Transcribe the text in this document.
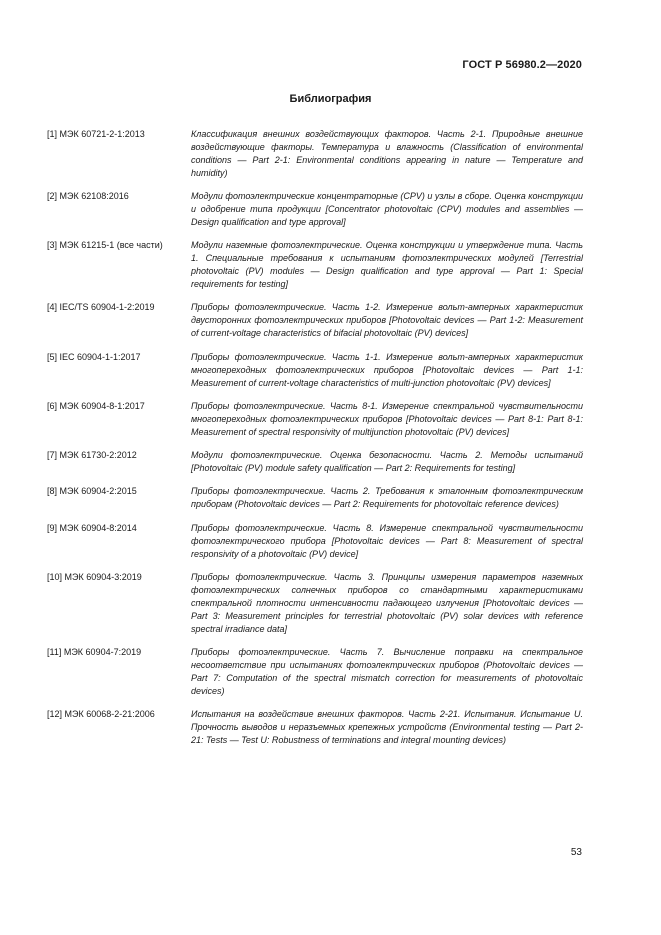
ГОСТ Р 56980.2—2020
Библиография
[1] МЭК 60721-2-1:2013	Классификация внешних воздействующих факторов. Часть 2-1. Природные внешние воздействующие факторы. Температура и влажность (Classification of environmental conditions — Part 2-1: Environmental conditions appearing in nature — Temperature and humidity)
[2] МЭК 62108:2016	Модули фотоэлектрические концентраторные (CPV) и узлы в сборе. Оценка конструкции и одобрение типа продукции [Concentrator photovoltaic (CPV) modules and assemblies — Design qualification and type approval]
[3] МЭК 61215-1 (все части)	Модули наземные фотоэлектрические. Оценка конструкции и утверждение типа. Часть 1. Специальные требования к испытаниям фотоэлектрических модулей [Terrestrial photovoltaic (PV) modules — Design qualification and type approval — Part 1: Special requirements for testing]
[4] IEC/TS 60904-1-2:2019	Приборы фотоэлектрические. Часть 1-2. Измерение вольт-амперных характеристик двусторонних фотоэлектрических приборов [Photovoltaic devices — Part 1-2: Measurement of current-voltage characteristics of bifacial photovoltaic (PV) devices]
[5] IEC 60904-1-1:2017	Приборы фотоэлектрические. Часть 1-1. Измерение вольт-амперных характеристик многопереходных фотоэлектрических приборов [Photovoltaic devices — Part 1-1: Measurement of current-voltage characteristics of multi-junction photovoltaic (PV) devices]
[6] МЭК 60904-8-1:2017	Приборы фотоэлектрические. Часть 8-1. Измерение спектральной чувствительности многопереходных фотоэлектрических приборов [Photovoltaic devices — Part 8-1: Part 8-1: Measurement of spectral responsivity of multijunction photovoltaic (PV) devices]
[7] МЭК 61730-2:2012	Модули фотоэлектрические. Оценка безопасности. Часть 2. Методы испытаний [Photovoltaic (PV) module safety qualification — Part 2: Requirements for testing]
[8] МЭК 60904-2:2015	Приборы фотоэлектрические. Часть 2. Требования к эталонным фотоэлектрическим приборам (Photovoltaic devices — Part 2: Requirements for photovoltaic reference devices)
[9] МЭК 60904-8:2014	Приборы фотоэлектрические. Часть 8. Измерение спектральной чувствительности фотоэлектрического прибора [Photovoltaic devices — Part 8: Measurement of spectral responsivity of a photovoltaic (PV) device]
[10] МЭК 60904-3:2019	Приборы фотоэлектрические. Часть 3. Принципы измерения параметров наземных фотоэлектрических солнечных приборов со стандартными характеристиками спектральной плотности интенсивности падающего излучения [Photovoltaic devices — Part 3: Measurement principles for terrestrial photovoltaic (PV) solar devices with reference spectral irradiance data]
[11] МЭК 60904-7:2019	Приборы фотоэлектрические. Часть 7. Вычисление поправки на спектральное несоответствие при испытаниях фотоэлектрических приборов (Photovoltaic devices — Part 7: Computation of the spectral mismatch correction for measurements of photovoltaic devices)
[12] МЭК 60068-2-21:2006	Испытания на воздействие внешних факторов. Часть 2-21. Испытания. Испытание U. Прочность выводов и неразъемных крепежных устройств (Environmental testing — Part 2-21: Tests — Test U: Robustness of terminations and integral mounting devices)
53
